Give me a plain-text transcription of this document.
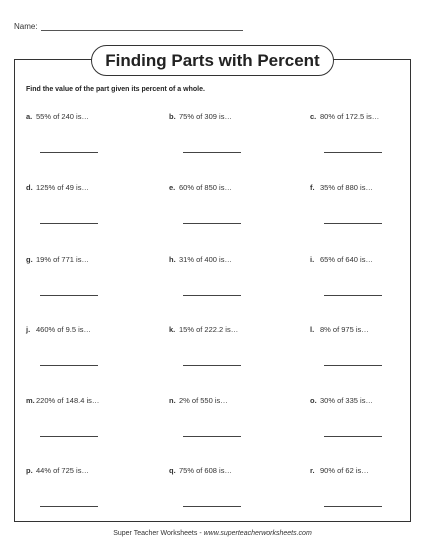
Name:
Finding Parts with Percent
Find the value of the part given its percent of a whole.
a. 55% of 240 is…	b. 75% of 309 is…	c. 80% of 172.5 is…
d. 125% of 49 is…	e. 60% of 850 is…	f. 35% of 880 is…
g. 19% of 771 is…	h. 31% of 400 is…	i. 65% of 640 is…
j. 460% of 9.5 is…	k. 15% of 222.2 is…	l. 8% of 975 is…
m.220% of 148.4 is…	n. 2% of 550 is…	o. 30% of 335 is…
p. 44% of 725 is…	q. 75% of 608 is…	r. 90% of 62 is…
Super Teacher Worksheets - www.superteacherworksheets.com
